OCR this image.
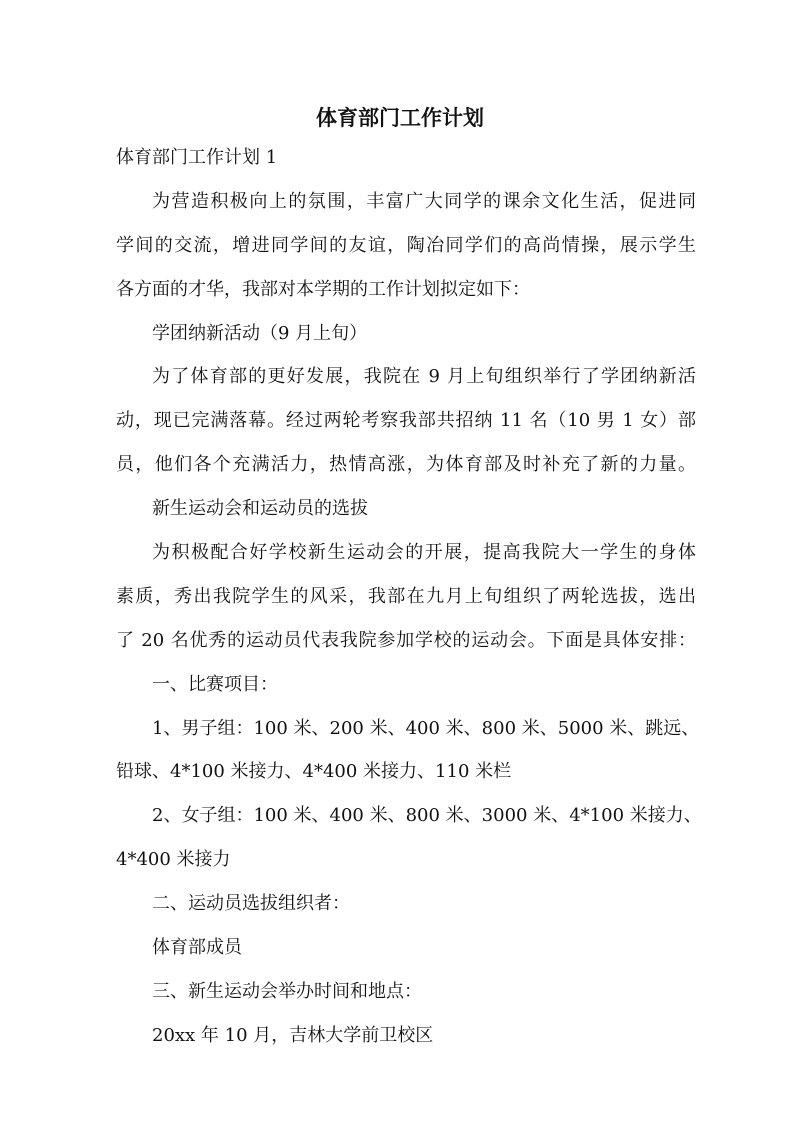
体育部门工作计划

体育部门工作计划 1

为营造积极向上的氛围，丰富广大同学的课余文化生活，促进同

学间的交流，增进同学间的友谊，陶冶同学们的高尚情操，展示学生

各方面的才华，我部对本学期的工作计划拟定如下：

学团纳新活动（9 月上旬）

为了体育部的更好发展，我院在 9 月上旬组织举行了学团纳新活

动，现已完满落幕。经过两轮考察我部共招纳 11 名（10 男 1 女）部

员，他们各个充满活力，热情高涨，为体育部及时补充了新的力量。

新生运动会和运动员的选拔

为积极配合好学校新生运动会的开展，提高我院大一学生的身体

素质，秀出我院学生的风采，我部在九月上旬组织了两轮选拔，选出

了 20 名优秀的运动员代表我院参加学校的运动会。下面是具体安排：

一、比赛项目：

1、男子组：100 米、200 米、400 米、800 米、5000 米、跳远、

铅球、4*100 米接力、4*400 米接力、110 米栏

2、女子组：100 米、400 米、800 米、3000 米、4*100 米接力、

4*400 米接力

二、运动员选拔组织者：

体育部成员

三、新生运动会举办时间和地点：

20xx 年 10 月，吉林大学前卫校区
